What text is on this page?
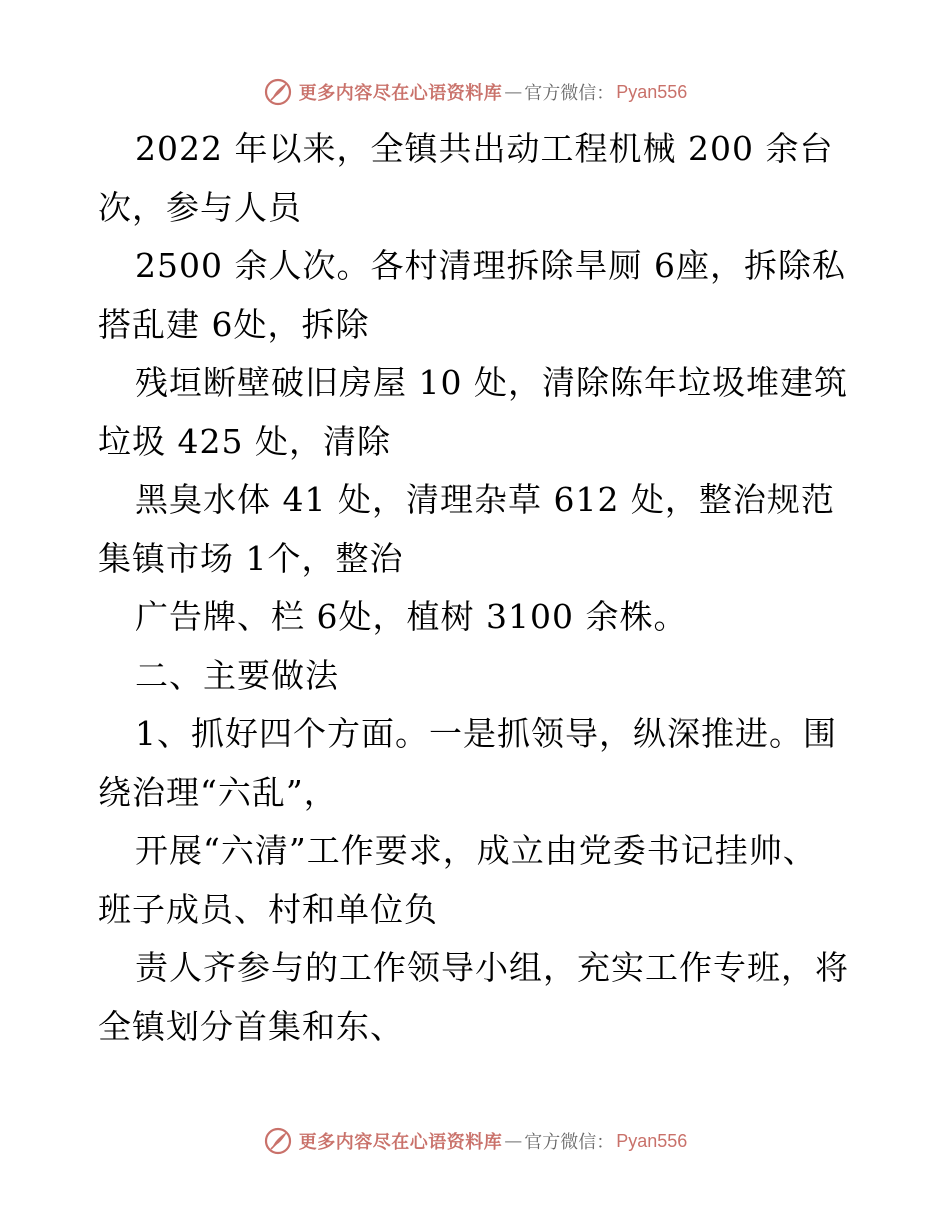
更多内容尽在心语资料库 — 官方微信： Pyan556

2022 年以来，全镇共出动工程机械 200 余台

次，参与人员

2500 余人次。各村清理拆除旱厕 6座，拆除私

搭乱建 6处，拆除

残垣断壁破旧房屋 10 处，清除陈年垃圾堆建筑

垃圾 425 处，清除

黑臭水体 41 处，清理杂草 612 处，整治规范

集镇市场 1个，整治

广告牌、栏 6处，植树 3100 余株。

二、主要做法

1、抓好四个方面。一是抓领导，纵深推进。围

绕治理“六乱”，

开展“六清”工作要求，成立由党委书记挂帅、

班子成员、村和单位负

责人齐参与的工作领导小组，充实工作专班，将

全镇划分首集和东、

更多内容尽在心语资料库 — 官方微信： Pyan556
